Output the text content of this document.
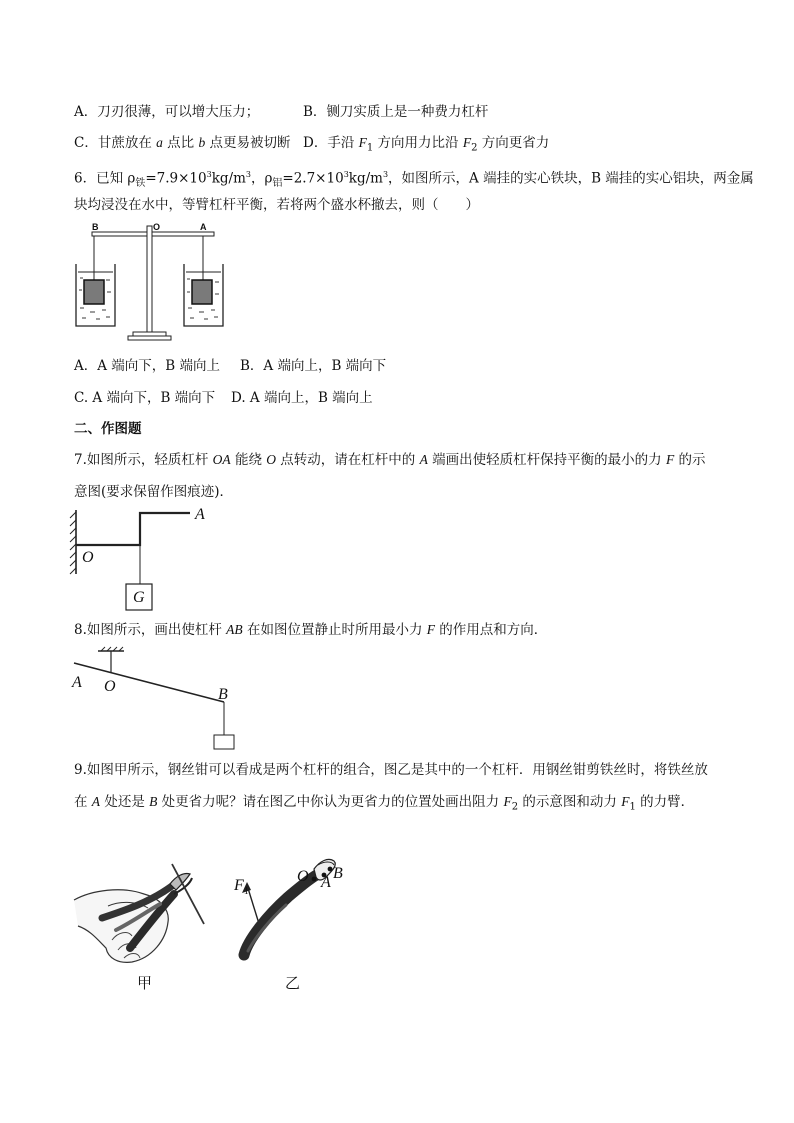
A．刀刃很薄，可以增大压力；	B．铡刀实质上是一种费力杠杆
C．甘蔗放在 a 点比 b 点更易被切断 D．手沿 $F_1$ 方向用力比沿 $F_2$ 方向更省力
6．已知 $\rho_铁=7.9\times 10^3kg/m^3$，$\rho_铝=2.7\times 10^3kg/m^3$，如图所示，A 端挂的实心铁块，B 端挂的实心铝块，两金属
块均浸没在水中，等臂杠杆平衡，若将两个盛水杯撤去，则（　　）
B	O	A
A．A 端向下，B 端向上 B．A 端向上，B 端向下
C. A 端向下，B 端向下 D. A 端向上，B 端向上
二、作图题
7.如图所示，轻质杠杆 OA 能绕 O 点转动，请在杠杆中的 A 端画出使轻质杠杆保持平衡的最小的力 F 的示
意图(要求保留作图痕迹)．
A
O
G
8.如图所示，画出使杠杆 AB 在如图位置静止时所用最小力 F 的作用点和方向．
A O	B
9.如图甲所示，钢丝钳可以看成是两个杠杆的组合，图乙是其中的一个杠杆．用钢丝钳剪铁丝时，将铁丝放
在 A 处还是 B 处更省力呢？请在图乙中你认为更省力的位置处画出阻力 $F_2$ 的示意图和动力 $F_1$ 的力臂．
甲
$F_1$
O A
B
乙
